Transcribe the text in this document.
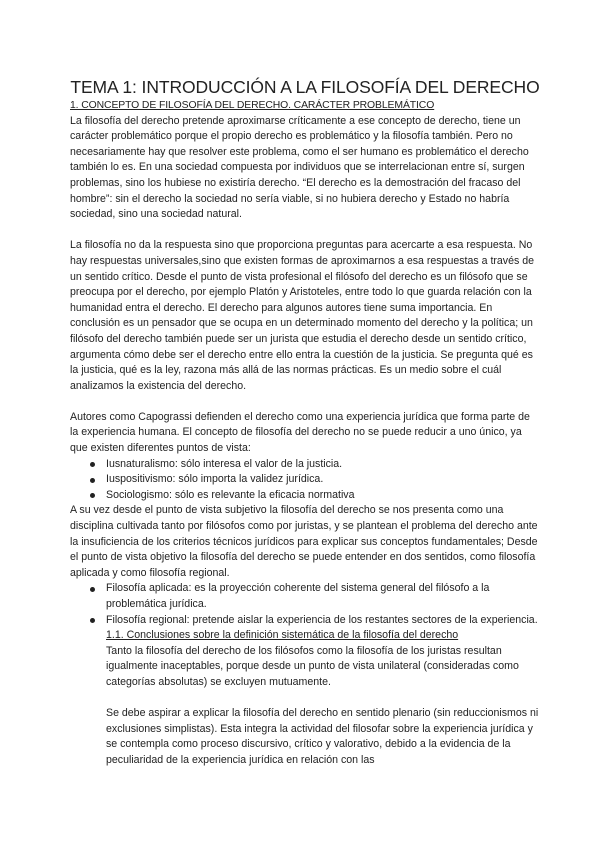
TEMA 1: INTRODUCCIÓN A LA FILOSOFÍA DEL DERECHO
1. CONCEPTO DE FILOSOFÍA DEL DERECHO. CARÁCTER PROBLEMÁTICO

La filosofía del derecho pretende aproximarse críticamente a ese concepto de derecho, tiene un carácter problemático porque el propio derecho es problemático y la filosofía también. Pero no necesariamente hay que resolver este problema, como el ser humano es problemático el derecho también lo es. En una sociedad compuesta por individuos que se interrelacionan entre sí, surgen problemas, sino los hubiese no existiría derecho. “El derecho es la demostración del fracaso del hombre”: sin el derecho la sociedad no sería viable, si no hubiera derecho y Estado no habría sociedad, sino una sociedad natural.

La filosofía no da la respuesta sino que proporciona preguntas para acercarte a esa respuesta. No hay respuestas universales,sino que existen formas de aproximarnos a esa respuestas a través de un sentido crítico. Desde el punto de vista profesional el filósofo del derecho es un filósofo que se preocupa por el derecho, por ejemplo Platón y Aristoteles, entre todo lo que guarda relación con la humanidad entra el derecho. El derecho para algunos autores tiene suma importancia. En conclusión es un pensador que se ocupa en un determinado momento del derecho y la política; un filósofo del derecho también puede ser un jurista que estudia el derecho desde un sentido crítico, argumenta cómo debe ser el derecho entre ello entra la cuestión de la justicia. Se pregunta qué es la justicia, qué es la ley, razona más allá de las normas prácticas. Es un medio sobre el cuál analizamos la existencia del derecho.

Autores como Capograssi defienden el derecho como una experiencia jurídica que forma parte de la experiencia humana. El concepto de filosofía del derecho no se puede reducir a uno único, ya que existen diferentes puntos de vista:

Iusnaturalismo: sólo interesa el valor de la justicia.
Iuspositivismo: sólo importa la validez jurídica.
Sociologismo: sólo es relevante la eficacia normativa

A su vez desde el punto de vista subjetivo la filosofía del derecho se nos presenta como una disciplina cultivada tanto por filósofos como por juristas, y se plantean el problema del derecho ante la insuficiencia de los criterios técnicos jurídicos para explicar sus conceptos fundamentales; Desde el punto de vista objetivo la filosofía del derecho se puede entender en dos sentidos, como filosofía aplicada y como filosofía regional.

Filosofía aplicada: es la proyección coherente del sistema general del filósofo a la problemática jurídica.
Filosofía regional: pretende aislar la experiencia de los restantes sectores de la experiencia.
1.1. Conclusiones sobre la definición sistemática de la filosofía del derecho

Tanto la filosofía del derecho de los filósofos como la filosofía de los juristas resultan igualmente inaceptables, porque desde un punto de vista unilateral (consideradas como categorías absolutas) se excluyen mutuamente.

Se debe aspirar a explicar la filosofía del derecho en sentido plenario (sin reduccionismos ni exclusiones simplistas). Esta integra la actividad del filosofar sobre la experiencia jurídica y se contempla como proceso discursivo, crítico y valorativo, debido a la evidencia de la peculiaridad de la experiencia jurídica en relación con las
